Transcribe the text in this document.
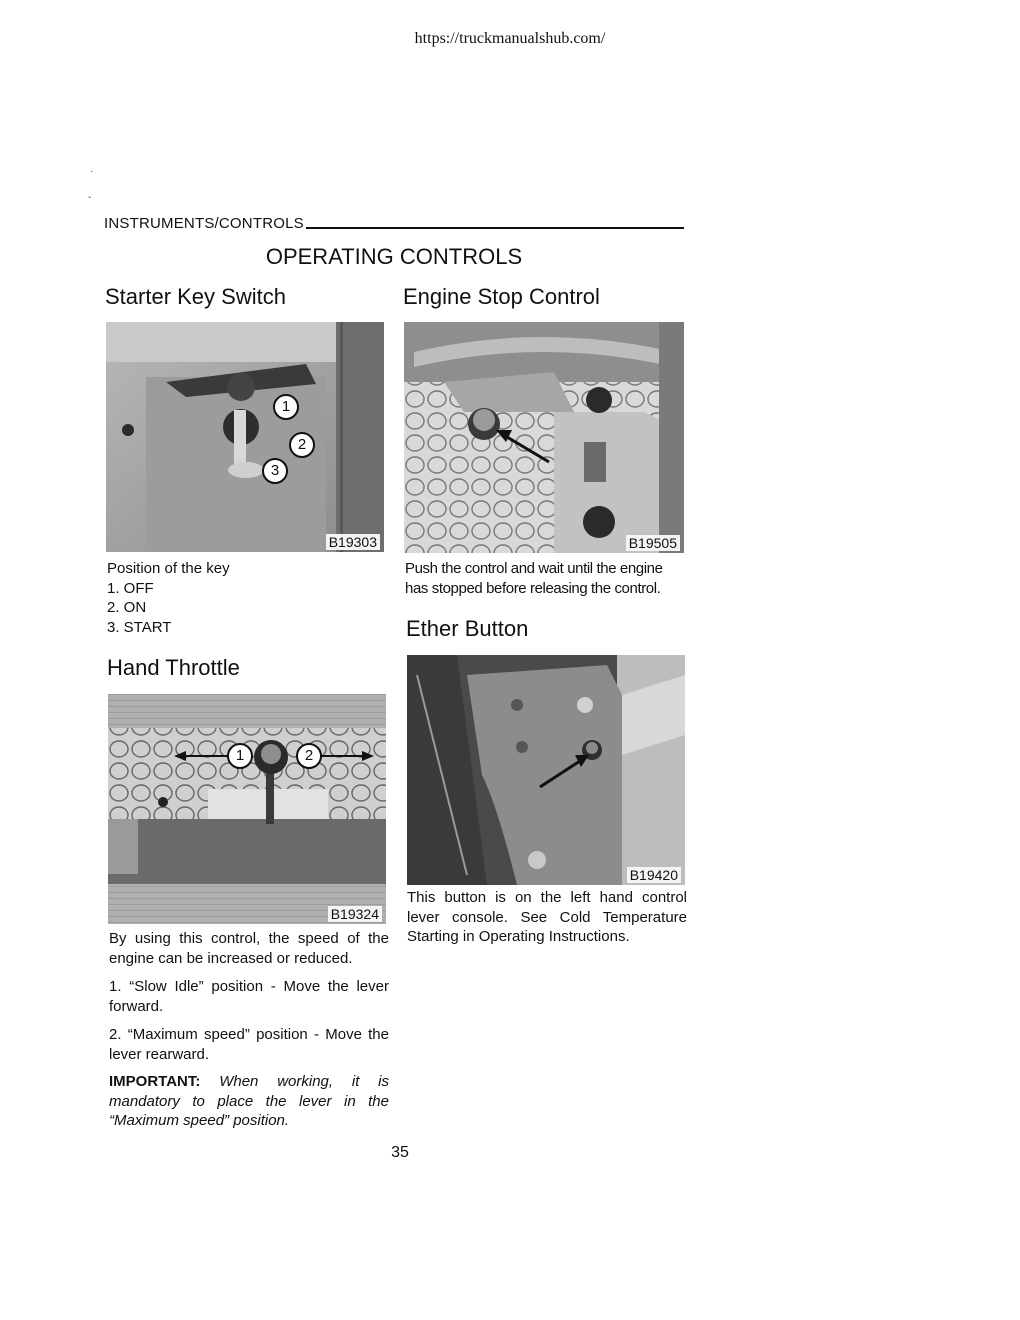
https://truckmanualshub.com/
·
-
INSTRUMENTS/CONTROLS
OPERATING CONTROLS
Starter Key Switch
1
2
3
B19303
Position of the key
1. OFF
2. ON
3. START
Engine Stop Control
B19505
Push the control and wait until the engine has stopped before releasing the control.
Ether Button
B19420
This button is on the left hand control lever console. See Cold Temperature Starting in Operating Instructions.
Hand Throttle
1	2
B19324
By using this control, the speed of the engine can be increased or reduced.
1. “Slow Idle” position - Move the lever forward.
2. “Maximum speed” position - Move the lever rearward.
IMPORTANT: When working, it is mandatory to place the lever in the “Maximum speed” position.
35
